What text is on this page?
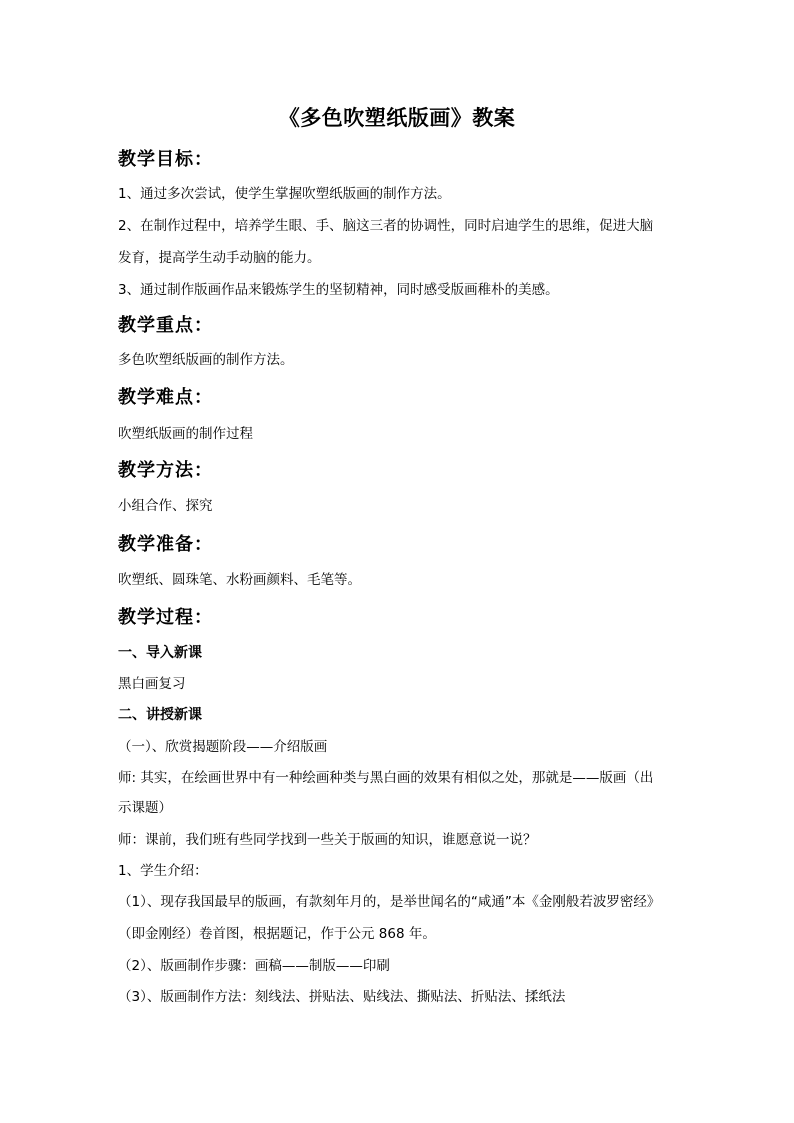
《多色吹塑纸版画》教案
教学目标：
1、通过多次尝试，使学生掌握吹塑纸版画的制作方法。
2、在制作过程中，培养学生眼、手、脑这三者的协调性，同时启迪学生的思维，促进大脑
发育，提高学生动手动脑的能力。
3、通过制作版画作品来锻炼学生的坚韧精神，同时感受版画稚朴的美感。
教学重点：
多色吹塑纸版画的制作方法。
教学难点：
吹塑纸版画的制作过程
教学方法：
小组合作、探究
教学准备：
吹塑纸、圆珠笔、水粉画颜料、毛笔等。
教学过程：
一、导入新课
黑白画复习
二、讲授新课
（一）、欣赏揭题阶段——介绍版画
师: 其实，在绘画世界中有一种绘画种类与黑白画的效果有相似之处，那就是——版画（出
示课题）
师：课前，我们班有些同学找到一些关于版画的知识，谁愿意说一说？
1、学生介绍：
（1）、现存我国最早的版画，有款刻年月的，是举世闻名的“咸通”本《金刚般若波罗密经》
（即金刚经）卷首图，根据题记，作于公元 868 年。
（2）、版画制作步骤：画稿——制版——印刷
（3）、版画制作方法：刻线法、拼贴法、贴线法、撕贴法、折贴法、揉纸法
